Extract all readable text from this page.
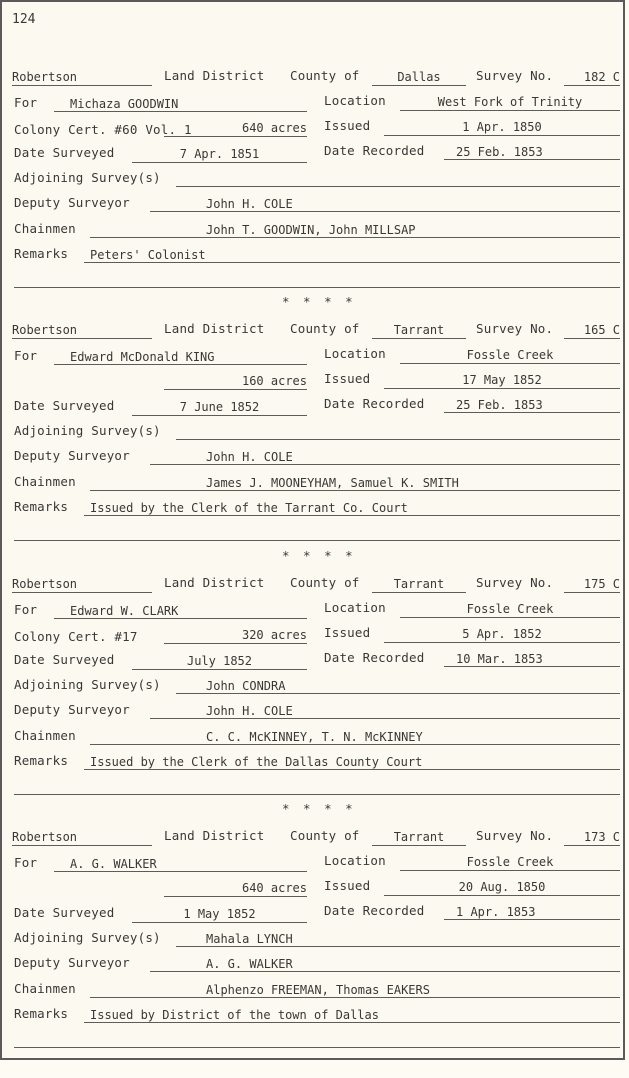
124
Robertson	Land District County of	Dallas	Survey No.	182 C
For	Michaza GOODWIN	Location	West Fork of Trinity
Colony Cert. #60 Vol. 1	640 acres Issued	1 Apr. 1850
Date Surveyed	7 Apr. 1851	Date Recorded	25 Feb. 1853
Adjoining Survey(s)
Deputy Surveyor	John H. COLE
Chainmen	John T. GOODWIN, John MILLSAP
Remarks	Peters' Colonist
Robertson	Land District County of	Tarrant	Survey No.	165 C
For	Edward McDonald KING	Location	Fossle Creek
160 acres Issued	17 May 1852
Date Surveyed	7 June 1852	Date Recorded	25 Feb. 1853
Adjoining Survey(s)
Deputy Surveyor	John H. COLE
Chainmen	James J. MOONEYHAM, Samuel K. SMITH
Remarks	Issued by the Clerk of the Tarrant Co. Court
Robertson	Land District County of	Tarrant	Survey No.	175 C
For	Edward W. CLARK	Location	Fossle Creek
Colony Cert. #17	320 acres Issued	5 Apr. 1852
Date Surveyed	July 1852	Date Recorded	10 Mar. 1853
Adjoining Survey(s)	John CONDRA
Deputy Surveyor	John H. COLE
Chainmen	C. C. McKINNEY, T. N. McKINNEY
Remarks	Issued by the Clerk of the Dallas County Court
Robertson	Land District County of	Tarrant	Survey No.	173 C
For	A. G. WALKER	Location	Fossle Creek
640 acres Issued	20 Aug. 1850
Date Surveyed	1 May 1852	Date Recorded	1 Apr. 1853
Adjoining Survey(s)	Mahala LYNCH
Deputy Surveyor	A. G. WALKER
Chainmen	Alphenzo FREEMAN, Thomas EAKERS
Remarks	Issued by District of the town of Dallas
* * * *
* * * *
* * * *
